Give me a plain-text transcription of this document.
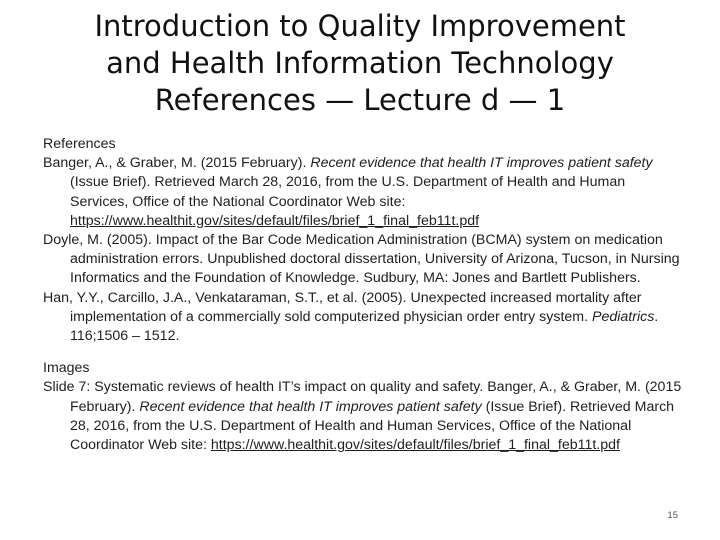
Introduction to Quality Improvement
and Health Information Technology
References — Lecture d — 1

References

Banger, A., & Graber, M. (2015 February). Recent evidence that health IT improves patient safety (Issue Brief). Retrieved March 28, 2016, from the U.S. Department of Health and Human Services, Office of the National Coordinator Web site: https://www.healthit.gov/sites/default/files/brief_1_final_feb11t.pdf

Doyle, M. (2005). Impact of the Bar Code Medication Administration (BCMA) system on medication administration errors. Unpublished doctoral dissertation, University of Arizona, Tucson, in Nursing Informatics and the Foundation of Knowledge. Sudbury, MA: Jones and Bartlett Publishers.

Han, Y.Y., Carcillo, J.A., Venkataraman, S.T., et al. (2005). Unexpected increased mortality after implementation of a commercially sold computerized physician order entry system. Pediatrics. 116;1506 – 1512.

Images

Slide 7: Systematic reviews of health IT’s impact on quality and safety. Banger, A., & Graber, M. (2015 February). Recent evidence that health IT improves patient safety (Issue Brief). Retrieved March 28, 2016, from the U.S. Department of Health and Human Services, Office of the National Coordinator Web site: https://www.healthit.gov/sites/default/files/brief_1_final_feb11t.pdf

15
